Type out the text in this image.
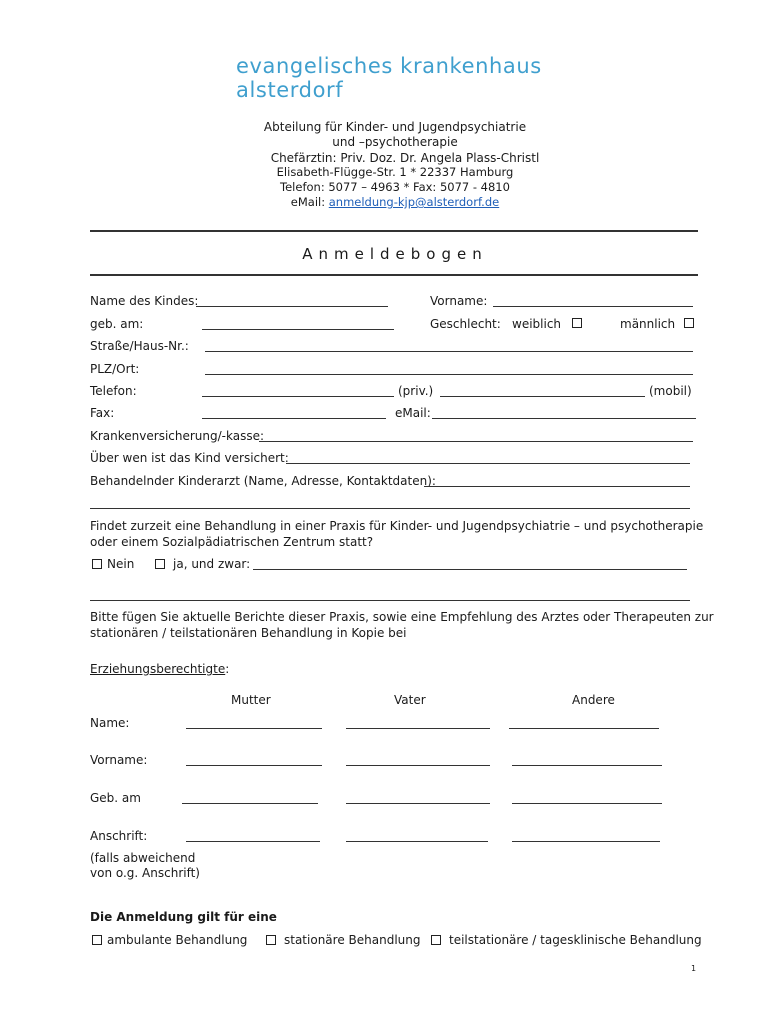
evangelisches krankenhaus
alsterdorf
Abteilung für Kinder- und Jugendpsychiatrie
und –psychotherapie
Chefärztin: Priv. Doz. Dr. Angela Plass-Christl
Elisabeth-Flügge-Str. 1 * 22337 Hamburg
Telefon: 5077 – 4963 * Fax: 5077 - 4810
eMail: anmeldung-kjp@alsterdorf.de
Anmeldebogen
Name des Kindes:	Vorname:
geb. am:	Geschlecht: weiblich	männlich
Straße/Haus-Nr.:
PLZ/Ort:
Telefon:	(priv.)	(mobil)
Fax:	eMail:
Krankenversicherung/-kasse:
Über wen ist das Kind versichert:
Behandelnder Kinderarzt (Name, Adresse, Kontaktdaten):
Findet zurzeit eine Behandlung in einer Praxis für Kinder- und Jugendpsychiatrie – und psychotherapie
oder einem Sozialpädiatrischen Zentrum statt?
Nein	ja, und zwar:
Bitte fügen Sie aktuelle Berichte dieser Praxis, sowie eine Empfehlung des Arztes oder Therapeuten zur
stationären / teilstationären Behandlung in Kopie bei
Erziehungsberechtigte:
Mutter	Vater	Andere
Name:
Vorname:
Geb. am
Anschrift:
(falls abweichend
von o.g. Anschrift)
Die Anmeldung gilt für eine
ambulante Behandlung	stationäre Behandlung teilstationäre / tagesklinische Behandlung
1
